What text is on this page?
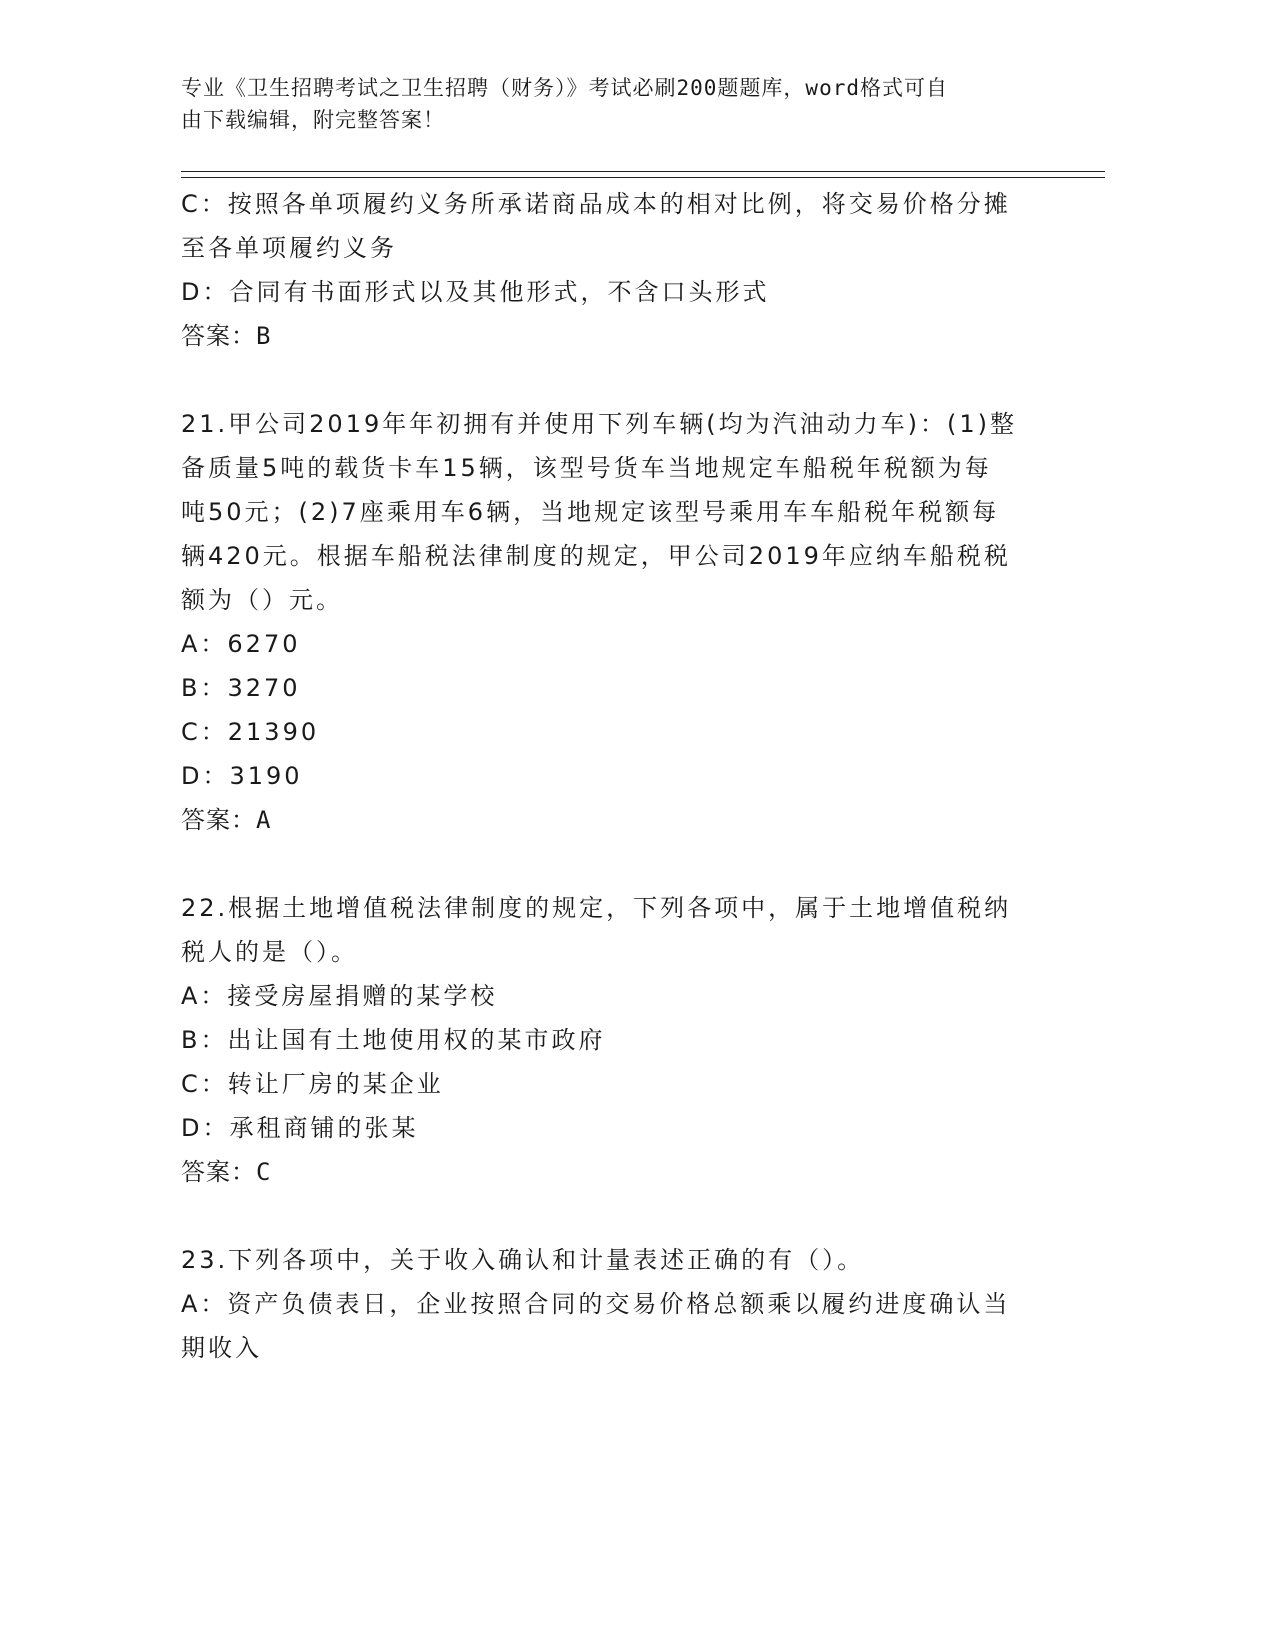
专业《卫生招聘考试之卫生招聘（财务）》考试必刷200题题库，word格式可自
由下载编辑，附完整答案！

C：按照各单项履约义务所承诺商品成本的相对比例，将交易价格分摊

至各单项履约义务

D：合同有书面形式以及其他形式，不含口头形式

答案：B

21.甲公司2019年年初拥有并使用下列车辆(均为汽油动力车)：(1)整

备质量5吨的载货卡车15辆，该型号货车当地规定车船税年税额为每

吨50元；(2)7座乘用车6辆，当地规定该型号乘用车车船税年税额每

辆420元。根据车船税法律制度的规定，甲公司2019年应纳车船税税

额为（）元。

A：6270

B：3270

C：21390

D：3190

答案：A

22.根据土地增值税法律制度的规定，下列各项中，属于土地增值税纳

税人的是（）。

A：接受房屋捐赠的某学校

B：出让国有土地使用权的某市政府

C：转让厂房的某企业

D：承租商铺的张某

答案：C

23.下列各项中，关于收入确认和计量表述正确的有（）。

A：资产负债表日，企业按照合同的交易价格总额乘以履约进度确认当

期收入
